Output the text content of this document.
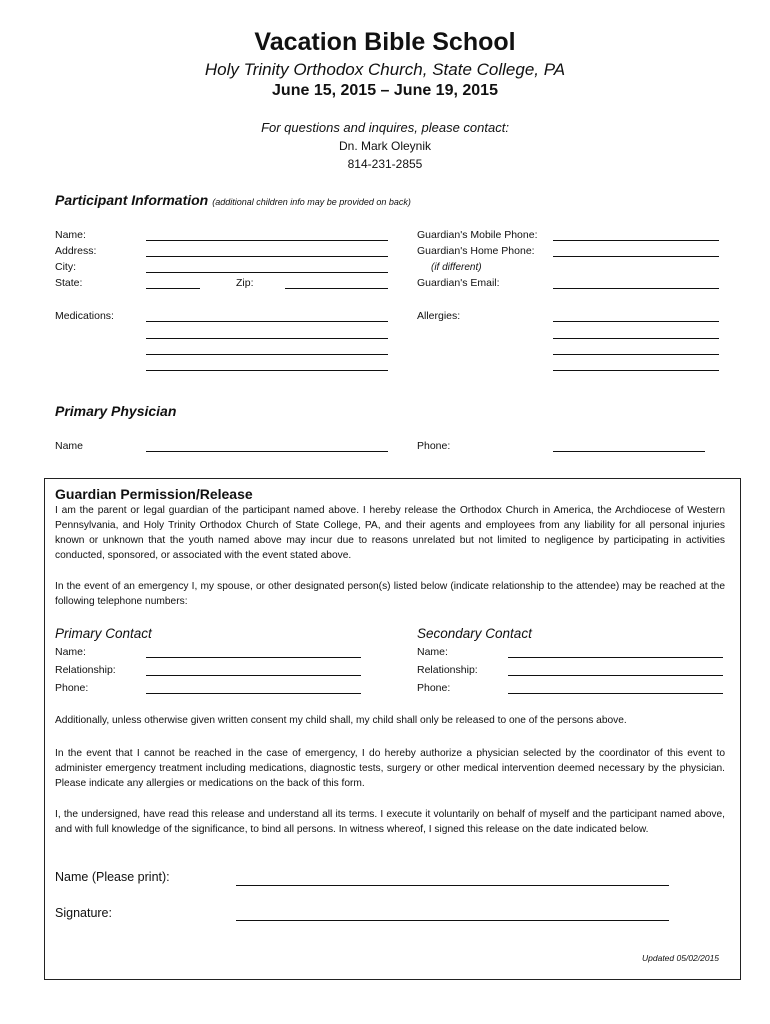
Vacation Bible School
Holy Trinity Orthodox Church, State College, PA
June 15, 2015 – June 19, 2015
For questions and inquires, please contact:
Dn. Mark Oleynik
814-231-2855
Participant Information (additional children info may be provided on back)
Name:
Address:
City:
State:	Zip:
Guardian's Mobile Phone:
Guardian's Home Phone:
(if different)
Guardian's Email:
Medications:	Allergies:
Primary Physician
Name	Phone:
Guardian Permission/Release
I am the parent or legal guardian of the participant named above. I hereby release the Orthodox Church in America, the Archdiocese of Western Pennsylvania, and Holy Trinity Orthodox Church of State College, PA, and their agents and employees from any liability for all personal injuries known or unknown that the youth named above may incur due to reasons unrelated but not limited to negligence by participating in activities conducted, sponsored, or associated with the event stated above.
In the event of an emergency I, my spouse, or other designated person(s) listed below (indicate relationship to the attendee) may be reached at the following telephone numbers:
Primary Contact
Name:
Relationship:
Phone:
Secondary Contact
Name:
Relationship:
Phone:
Additionally, unless otherwise given written consent my child shall, my child shall only be released to one of the persons above.
In the event that I cannot be reached in the case of emergency, I do hereby authorize a physician selected by the coordinator of this event to administer emergency treatment including medications, diagnostic tests, surgery or other medical intervention deemed necessary by the physician. Please indicate any allergies or medications on the back of this form.
I, the undersigned, have read this release and understand all its terms. I execute it voluntarily on behalf of myself and the participant named above, and with full knowledge of the significance, to bind all persons. In witness whereof, I signed this release on the date indicated below.
Name (Please print):
Signature:
Updated 05/02/2015
